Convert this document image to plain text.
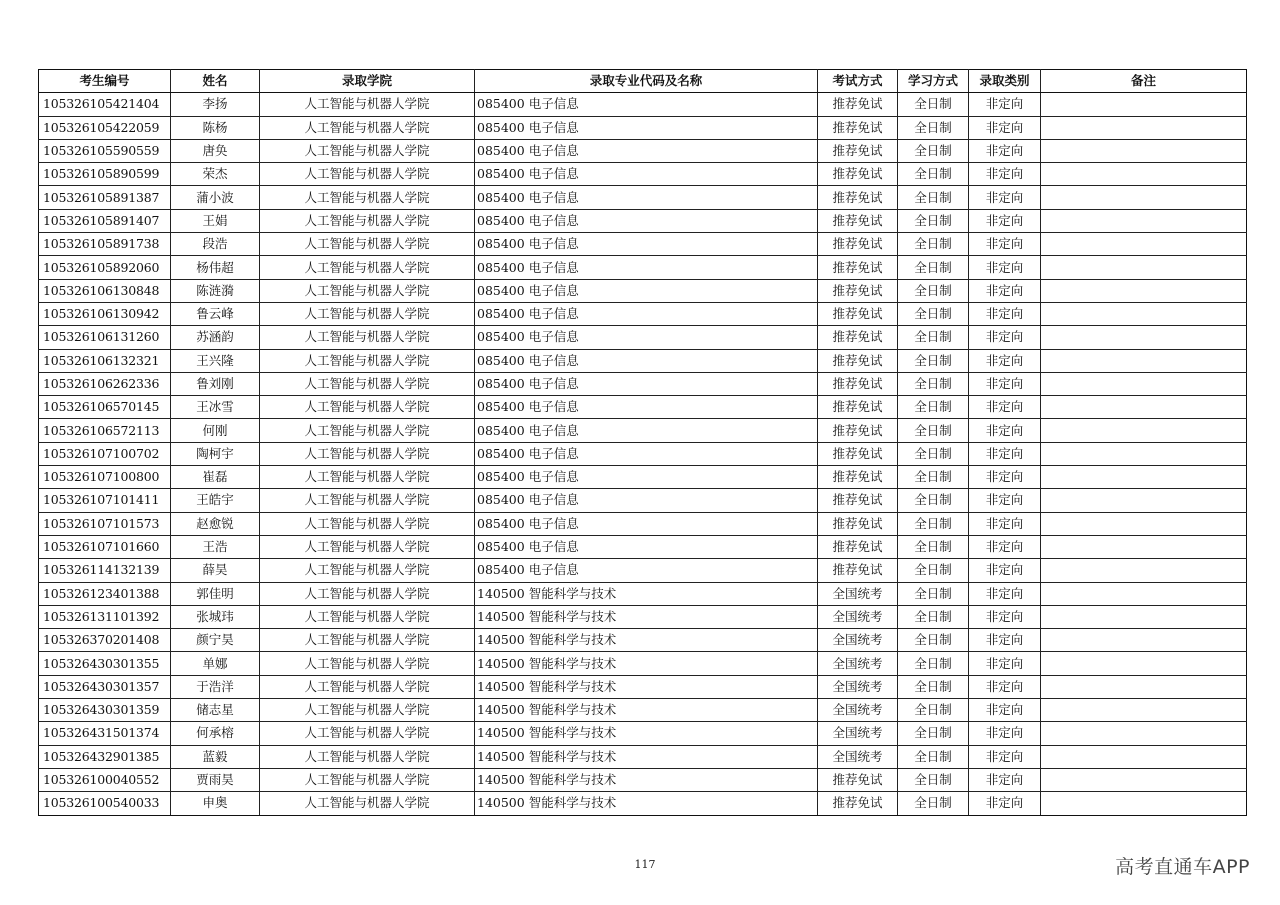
考生编号	姓名	录取学院	录取专业代码及名称	考试方式	学习方式	录取类别	备注
105326105421404	李扬	人工智能与机器人学院	085400 电子信息	推荐免试	全日制	非定向	
105326105422059	陈杨	人工智能与机器人学院	085400 电子信息	推荐免试	全日制	非定向	
105326105590559	唐奂	人工智能与机器人学院	085400 电子信息	推荐免试	全日制	非定向	
105326105890599	荣杰	人工智能与机器人学院	085400 电子信息	推荐免试	全日制	非定向	
105326105891387	蒲小波	人工智能与机器人学院	085400 电子信息	推荐免试	全日制	非定向	
105326105891407	王娟	人工智能与机器人学院	085400 电子信息	推荐免试	全日制	非定向	
105326105891738	段浩	人工智能与机器人学院	085400 电子信息	推荐免试	全日制	非定向	
105326105892060	杨伟超	人工智能与机器人学院	085400 电子信息	推荐免试	全日制	非定向	
105326106130848	陈涟漪	人工智能与机器人学院	085400 电子信息	推荐免试	全日制	非定向	
105326106130942	鲁云峰	人工智能与机器人学院	085400 电子信息	推荐免试	全日制	非定向	
105326106131260	苏涵韵	人工智能与机器人学院	085400 电子信息	推荐免试	全日制	非定向	
105326106132321	王兴隆	人工智能与机器人学院	085400 电子信息	推荐免试	全日制	非定向	
105326106262336	鲁刘刚	人工智能与机器人学院	085400 电子信息	推荐免试	全日制	非定向	
105326106570145	王冰雪	人工智能与机器人学院	085400 电子信息	推荐免试	全日制	非定向	
105326106572113	何刚	人工智能与机器人学院	085400 电子信息	推荐免试	全日制	非定向	
105326107100702	陶柯宇	人工智能与机器人学院	085400 电子信息	推荐免试	全日制	非定向	
105326107100800	崔磊	人工智能与机器人学院	085400 电子信息	推荐免试	全日制	非定向	
105326107101411	王皓宇	人工智能与机器人学院	085400 电子信息	推荐免试	全日制	非定向	
105326107101573	赵愈锐	人工智能与机器人学院	085400 电子信息	推荐免试	全日制	非定向	
105326107101660	王浩	人工智能与机器人学院	085400 电子信息	推荐免试	全日制	非定向	
105326114132139	薛昊	人工智能与机器人学院	085400 电子信息	推荐免试	全日制	非定向	
105326123401388	郭佳明	人工智能与机器人学院	140500 智能科学与技术	全国统考	全日制	非定向	
105326131101392	张城玮	人工智能与机器人学院	140500 智能科学与技术	全国统考	全日制	非定向	
105326370201408	颜宁昊	人工智能与机器人学院	140500 智能科学与技术	全国统考	全日制	非定向	
105326430301355	单娜	人工智能与机器人学院	140500 智能科学与技术	全国统考	全日制	非定向	
105326430301357	于浩洋	人工智能与机器人学院	140500 智能科学与技术	全国统考	全日制	非定向	
105326430301359	储志星	人工智能与机器人学院	140500 智能科学与技术	全国统考	全日制	非定向	
105326431501374	何承榕	人工智能与机器人学院	140500 智能科学与技术	全国统考	全日制	非定向	
105326432901385	蓝毅	人工智能与机器人学院	140500 智能科学与技术	全国统考	全日制	非定向	
105326100040552	贾雨昊	人工智能与机器人学院	140500 智能科学与技术	推荐免试	全日制	非定向	
105326100540033	申奥	人工智能与机器人学院	140500 智能科学与技术	推荐免试	全日制	非定向	
117	高考直通车APP
